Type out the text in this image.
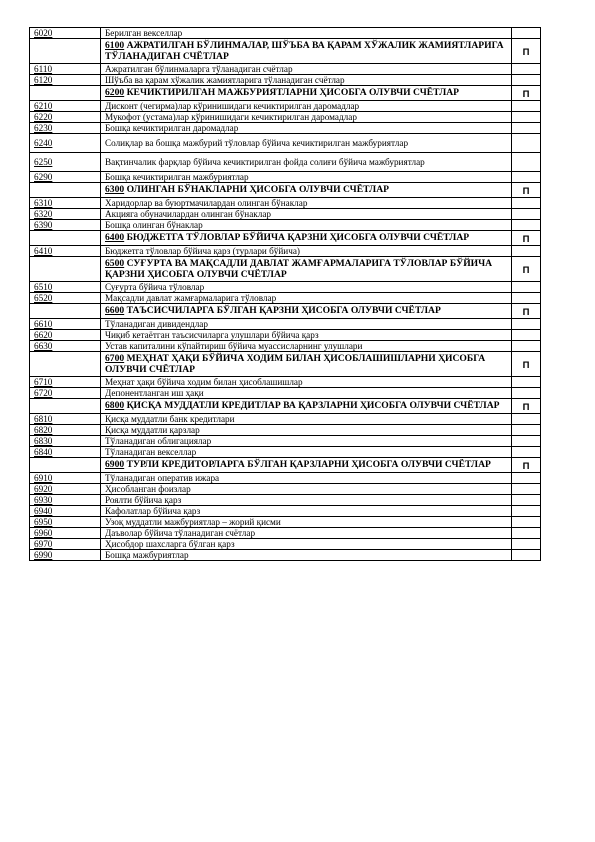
6020	Берилган векселлар	
	6100 АЖРАТИЛГАН БЎЛИНМАЛАР, ШЎЪБА ВА ҚАРАМ ХЎЖАЛИК ЖАМИЯТЛАРИГА ТЎЛАНАДИГАН СЧЁТЛАР	П
6110	Ажратилган бўлинмаларга тўланадиган счётлар	
6120	Шўъба ва қарам хўжалик жамиятларига тўланадиган счётлар	
	6200 КЕЧИКТИРИЛГАН МАЖБУРИЯТЛАРНИ ҲИСОБГА ОЛУВЧИ СЧЁТЛАР	П
6210	Дисконт (чегирма)лар кўринишидаги кечиктирилган даромадлар	
6220	Мукофот (устама)лар кўринишидаги кечиктирилган даромадлар	
6230	Бошқа кечиктирилган даромадлар	
6240	Солиқлар ва бошқа мажбурий тўловлар бўйича кечиктирилган мажбуриятлар	
6250	Вақтинчалик фарқлар бўйича кечиктирилган фойда солиғи бўйича мажбуриятлар	
6290	Бошқа кечиктирилган мажбуриятлар	
	6300 ОЛИНГАН БЎНАКЛАРНИ ҲИСОБГА ОЛУВЧИ СЧЁТЛАР	П
6310	Харидорлар ва буюртмачилардан олинган бўнаклар	
6320	Акцияга обуначилардан олинган бўнаклар	
6390	Бошқа олинган бўнаклар	
	6400 БЮДЖЕТГА ТЎЛОВЛАР БЎЙИЧА ҚАРЗНИ ҲИСОБГА ОЛУВЧИ СЧЁТЛАР	П
6410	Бюджетга тўловлар бўйича қарз (турлари бўйича)	
	6500 СУҒУРТА ВА МАҚСАДЛИ ДАВЛАТ ЖАМҒАРМАЛАРИГА ТЎЛОВЛАР БЎЙИЧА ҚАРЗНИ ҲИСОБГА ОЛУВЧИ СЧЁТЛАР	П
6510	Суғурта бўйича тўловлар	
6520	Мақсадли давлат жамғармаларига тўловлар	
	6600 ТАЪСИСЧИЛАРГА БЎЛГАН ҚАРЗНИ ҲИСОБГА ОЛУВЧИ СЧЁТЛАР	П
6610	Тўланадиган дивидендлар	
6620	Чиқиб кетаётган таъсисчиларга улушлари бўйича қарз	
6630	Устав капиталини кўпайтириш бўйича муассисларнинг улушлари	
	6700 МЕҲНАТ ҲАҚИ БЎЙИЧА ХОДИМ БИЛАН ҲИСОБЛАШИШЛАРНИ ҲИСОБГА ОЛУВЧИ СЧЁТЛАР	П
6710	Меҳнат ҳақи бўйича ходим билан ҳисоблашишлар	
6720	Депонентланган иш ҳақи	
	6800 ҚИСҚА МУДДАТЛИ КРЕДИТЛАР ВА ҚАРЗЛАРНИ ҲИСОБГА ОЛУВЧИ СЧЁТЛАР	П
6810	Қисқа муддатли банк кредитлари	
6820	Қисқа муддатли қарзлар	
6830	Тўланадиган облигациялар	
6840	Тўланадиган векселлар	
	6900 ТУРЛИ КРЕДИТОРЛАРГА БЎЛГАН ҚАРЗЛАРНИ ҲИСОБГА ОЛУВЧИ СЧЁТЛАР	П
6910	Тўланадиган оператив ижара	
6920	Ҳисобланган фоизлар	
6930	Роялти бўйича қарз	
6940	Кафолатлар бўйича қарз	
6950	Узоқ муддатли мажбуриятлар – жорий қисми	
6960	Даъволар бўйича тўланадиган счётлар	
6970	Ҳисобдор шахсларга бўлган қарз	
6990	Бошқа мажбуриятлар	
